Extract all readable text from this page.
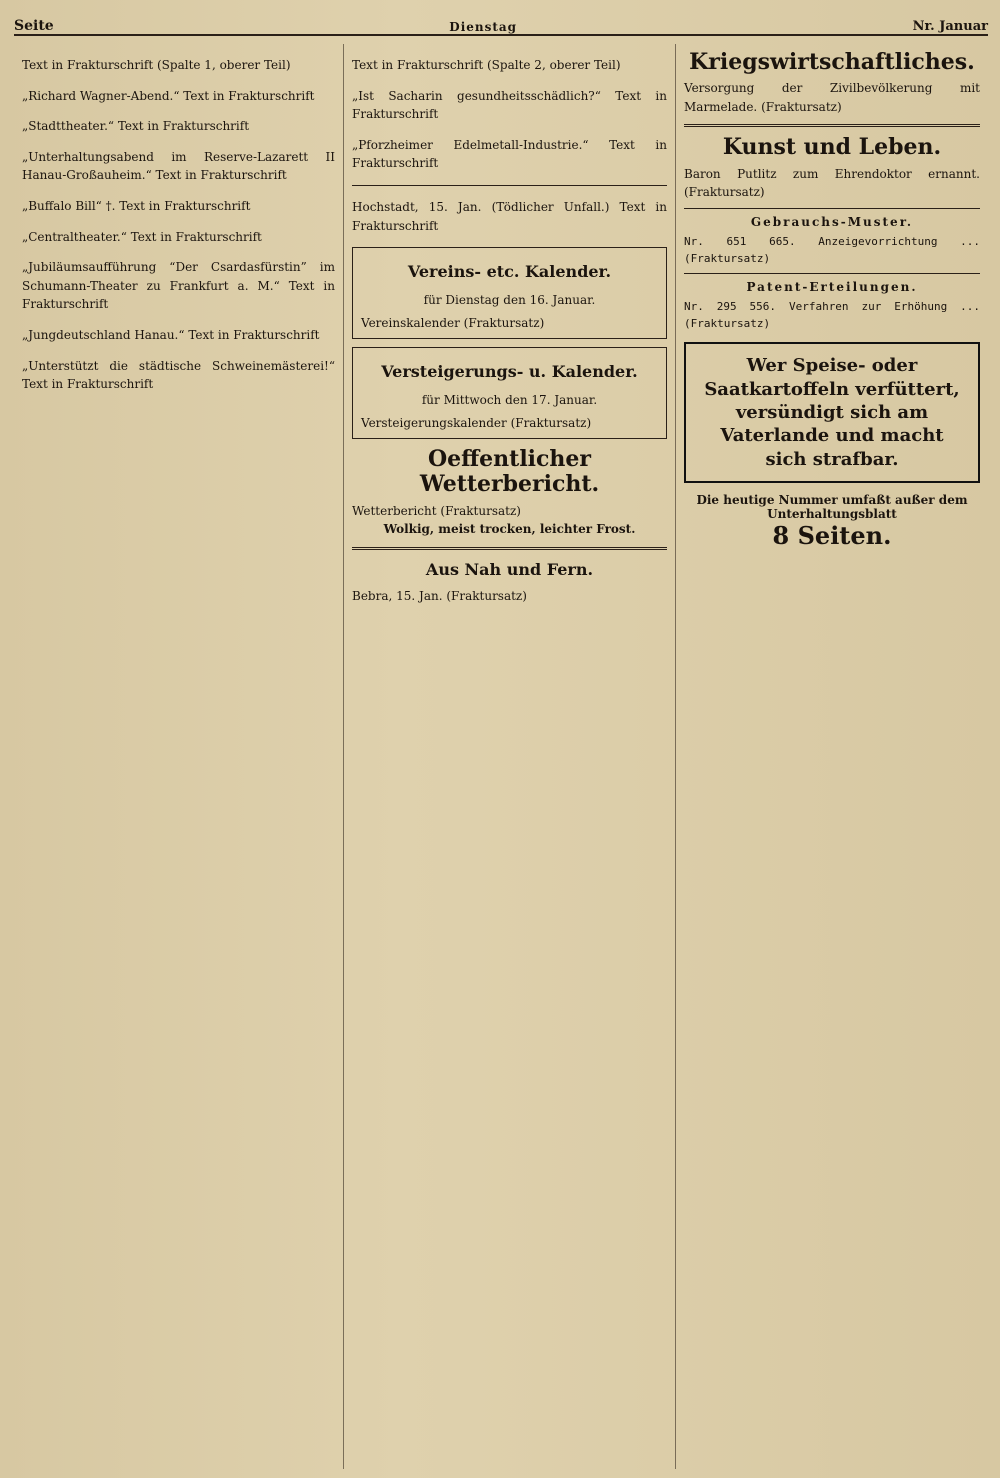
Seite	Dienstag	Nr. Januar

Text in Frakturschrift (Spalte 1, oberer Teil)

„Richard Wagner-Abend.“ Text in Frakturschrift

„Stadttheater.“ Text in Frakturschrift

„Unterhaltungsabend im Reserve-Lazarett II Hanau-Großauheim.“ Text in Frakturschrift

„Buffalo Bill“ †. Text in Frakturschrift

„Centraltheater.“ Text in Frakturschrift

„Jubiläumsaufführung “Der Csardasfürstin” im Schumann-Theater zu Frankfurt a. M.“ Text in Frakturschrift

„Jungdeutschland Hanau.“ Text in Frakturschrift

„Unterstützt die städtische Schweinemästerei!“ Text in Frakturschrift

Text in Frakturschrift (Spalte 2, oberer Teil)

„Ist Sacharin gesundheitsschädlich?“ Text in Frakturschrift

„Pforzheimer Edelmetall-Industrie.“ Text in Frakturschrift

Hochstadt, 15. Jan. (Tödlicher Unfall.) Text in Frakturschrift

Vereins- etc. Kalender.
für Dienstag den 16. Januar.
Vereinskalender (Fraktursatz)
Versteigerungs- u. Kalender.
für Mittwoch den 17. Januar.
Versteigerungskalender (Fraktursatz)
Oeffentlicher Wetterbericht.
Wetterbericht (Fraktursatz)
Wolkig, meist trocken, leichter Frost.
Aus Nah und Fern.
Bebra, 15. Jan. (Fraktursatz)
Kriegswirtschaftliches.
Versorgung der Zivilbevölkerung mit Marmelade. (Fraktursatz)
Kunst und Leben.
Baron Putlitz zum Ehrendoktor ernannt. (Fraktursatz)
Gebrauchs-Muster.
Nr. 651 665. Anzeigevorrichtung ... (Fraktursatz)
Patent-Erteilungen.
Nr. 295 556. Verfahren zur Erhöhung ... (Fraktursatz)
Wer Speise- oder Saatkartoffeln verfüttert,
versündigt sich am Vaterlande und macht
sich strafbar.
Die heutige Nummer umfaßt außer dem Unterhaltungsblatt
8 Seiten.
